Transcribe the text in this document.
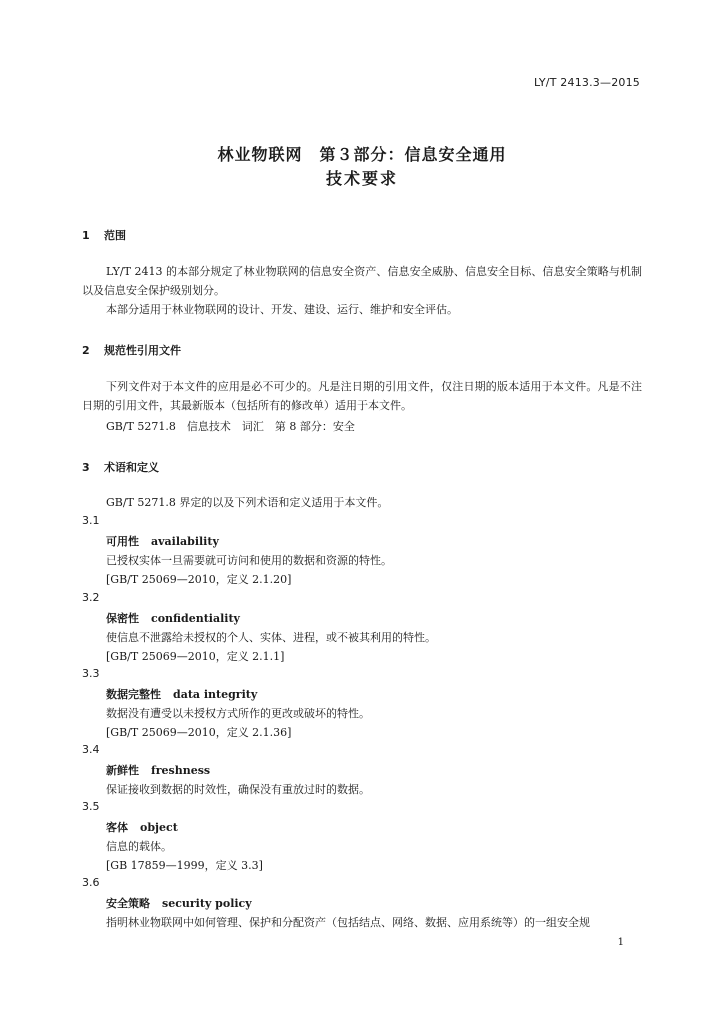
LY/T 2413.3—2015
林业物联网　第３部分：信息安全通用
技术要求
1 范围
LY/T 2413 的本部分规定了林业物联网的信息安全资产、信息安全威胁、信息安全目标、信息安全策略与机制以及信息安全保护级别划分。
本部分适用于林业物联网的设计、开发、建设、运行、维护和安全评估。
2 规范性引用文件
下列文件对于本文件的应用是必不可少的。凡是注日期的引用文件，仅注日期的版本适用于本文件。凡是不注日期的引用文件，其最新版本（包括所有的修改单）适用于本文件。
GB/T 5271.8　信息技术　词汇　第 8 部分：安全
3 术语和定义
GB/T 5271.8 界定的以及下列术语和定义适用于本文件。
3.1
可用性 availability
已授权实体一旦需要就可访问和使用的数据和资源的特性。
[GB/T 25069—2010，定义 2.1.20]
3.2
保密性 confidentiality
使信息不泄露给未授权的个人、实体、进程，或不被其利用的特性。
[GB/T 25069—2010，定义 2.1.1]
3.3
数据完整性 data integrity
数据没有遭受以未授权方式所作的更改或破坏的特性。
[GB/T 25069—2010，定义 2.1.36]
3.4
新鲜性 freshness
保证接收到数据的时效性，确保没有重放过时的数据。
3.5
客体 object
信息的载体。
[GB 17859—1999，定义 3.3]
3.6
安全策略 security policy
指明林业物联网中如何管理、保护和分配资产（包括结点、网络、数据、应用系统等）的一组安全规
1
